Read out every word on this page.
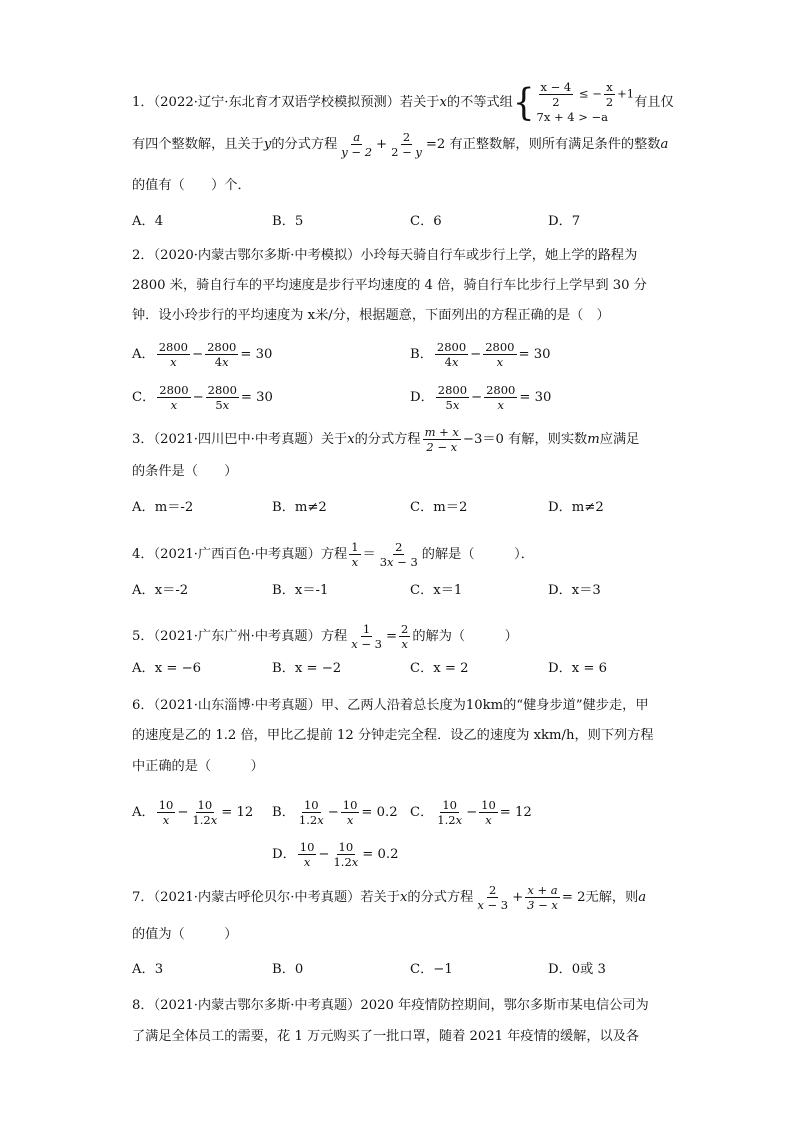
1．（2022·辽宁·东北育才双语学校模拟预测）若关于x的不等式组 { $\frac{x - 4}{2}$ ≤ − $\frac{x}{2} +1$
7x + 4 > −a
有且仅
有四个整数解，且关于y的分式方程 $\frac{a}{y - 2} + \frac{2}{2 - y} =2$ 有正整数解，则所有满足条件的整数a
的值有（　　）个．
A．4	B．5	C．6	D．7
2．（2020·内蒙古鄂尔多斯·中考模拟）小玲每天骑自行车或步行上学，她上学的路程为
2800 米，骑自行车的平均速度是步行平均速度的 4 倍，骑自行车比步行上学早到 30 分
钟．设小玲步行的平均速度为 x米/分，根据题意，下面列出的方程正确的是（　）
A． $\frac{2800}{x} - \frac{2800}{4x} = 30$	B． $\frac{2800}{4x} - \frac{2800}{x} = 30$
C． $\frac{2800}{x} - \frac{2800}{5x} = 30$	D． $\frac{2800}{5x} - \frac{2800}{x} = 30$
3．（2021·四川巴中·中考真题）关于x的分式方程 $\frac{m + x}{2 - x} -3=0$ 有解，则实数m应满足
的条件是（　　）
A．m＝-2	B．m≠2	C．m＝2	D．m≠2
4．（2021·广西百色·中考真题）方程 $\frac{1}{x} = \frac{2}{3x - 3}$ 的解是（　　　）．
A．x＝-2	B．x＝-1	C．x＝1	D．x＝3
5．（2021·广东广州·中考真题）方程 $\frac{1}{x - 3} = \frac{2}{x}$ 的解为（　　　）
A．x = −6	B．x = −2	C．x = 2	D．x = 6
6．（2021·山东淄博·中考真题）甲、乙两人沿着总长度为10km的“健身步道”健步走，甲
的速度是乙的 1.2 倍，甲比乙提前 12 分钟走完全程．设乙的速度为 xkm/h，则下列方程
中正确的是（　　　）
A． $\frac{10}{x} - \frac{10}{1.2x} = 12$ B． $\frac{10}{1.2x} - \frac{10}{x} = 0.2$ C． $\frac{10}{1.2x} - \frac{10}{x} = 12$
D． $\frac{10}{x} - \frac{10}{1.2x} = 0.2$
7．（2021·内蒙古呼伦贝尔·中考真题）若关于x的分式方程 $\frac{2}{x - 3} + \frac{x + a}{3 - x} = 2$无解，则a
的值为（　　　）
A．3	B．0	C．−1	D．0或 3
8．（2021·内蒙古鄂尔多斯·中考真题）2020 年疫情防控期间，鄂尔多斯市某电信公司为
了满足全体员工的需要，花 1 万元购买了一批口罩，随着 2021 年疫情的缓解，以及各
